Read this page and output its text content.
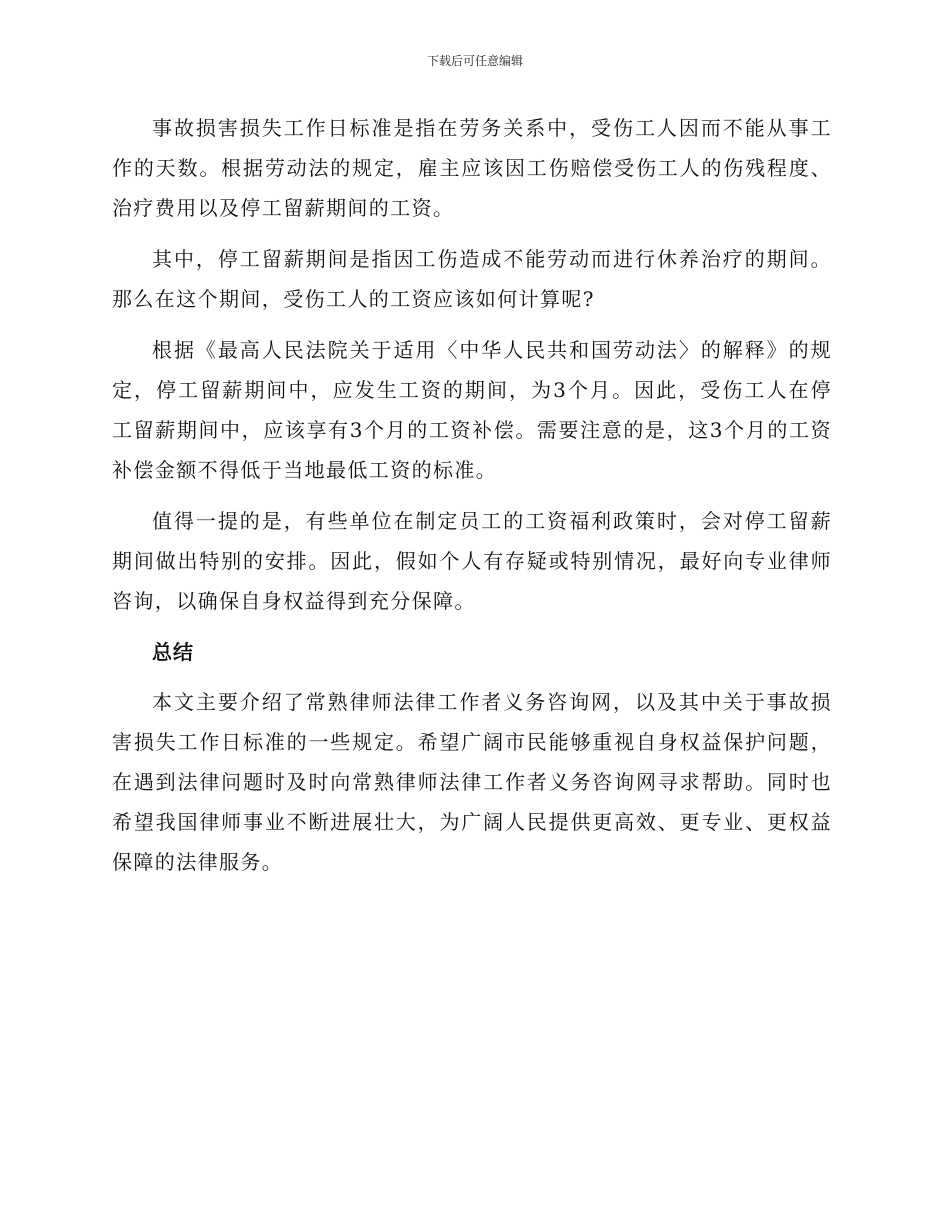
下载后可任意编辑

事故损害损失工作日标准是指在劳务关系中，受伤工人因而不能从事工作的天数。根据劳动法的规定，雇主应该因工伤赔偿受伤工人的伤残程度、治疗费用以及停工留薪期间的工资。

其中，停工留薪期间是指因工伤造成不能劳动而进行休养治疗的期间。那么在这个期间，受伤工人的工资应该如何计算呢?

根据《最高人民法院关于适用〈中华人民共和国劳动法〉的解释》的规定，停工留薪期间中，应发生工资的期间，为3个月。因此，受伤工人在停工留薪期间中，应该享有3个月的工资补偿。需要注意的是，这3个月的工资补偿金额不得低于当地最低工资的标准。

值得一提的是，有些单位在制定员工的工资福利政策时，会对停工留薪期间做出特别的安排。因此，假如个人有存疑或特别情况，最好向专业律师咨询，以确保自身权益得到充分保障。

总结

本文主要介绍了常熟律师法律工作者义务咨询网，以及其中关于事故损害损失工作日标准的一些规定。希望广阔市民能够重视自身权益保护问题，在遇到法律问题时及时向常熟律师法律工作者义务咨询网寻求帮助。同时也希望我国律师事业不断进展壮大，为广阔人民提供更高效、更专业、更权益保障的法律服务。
